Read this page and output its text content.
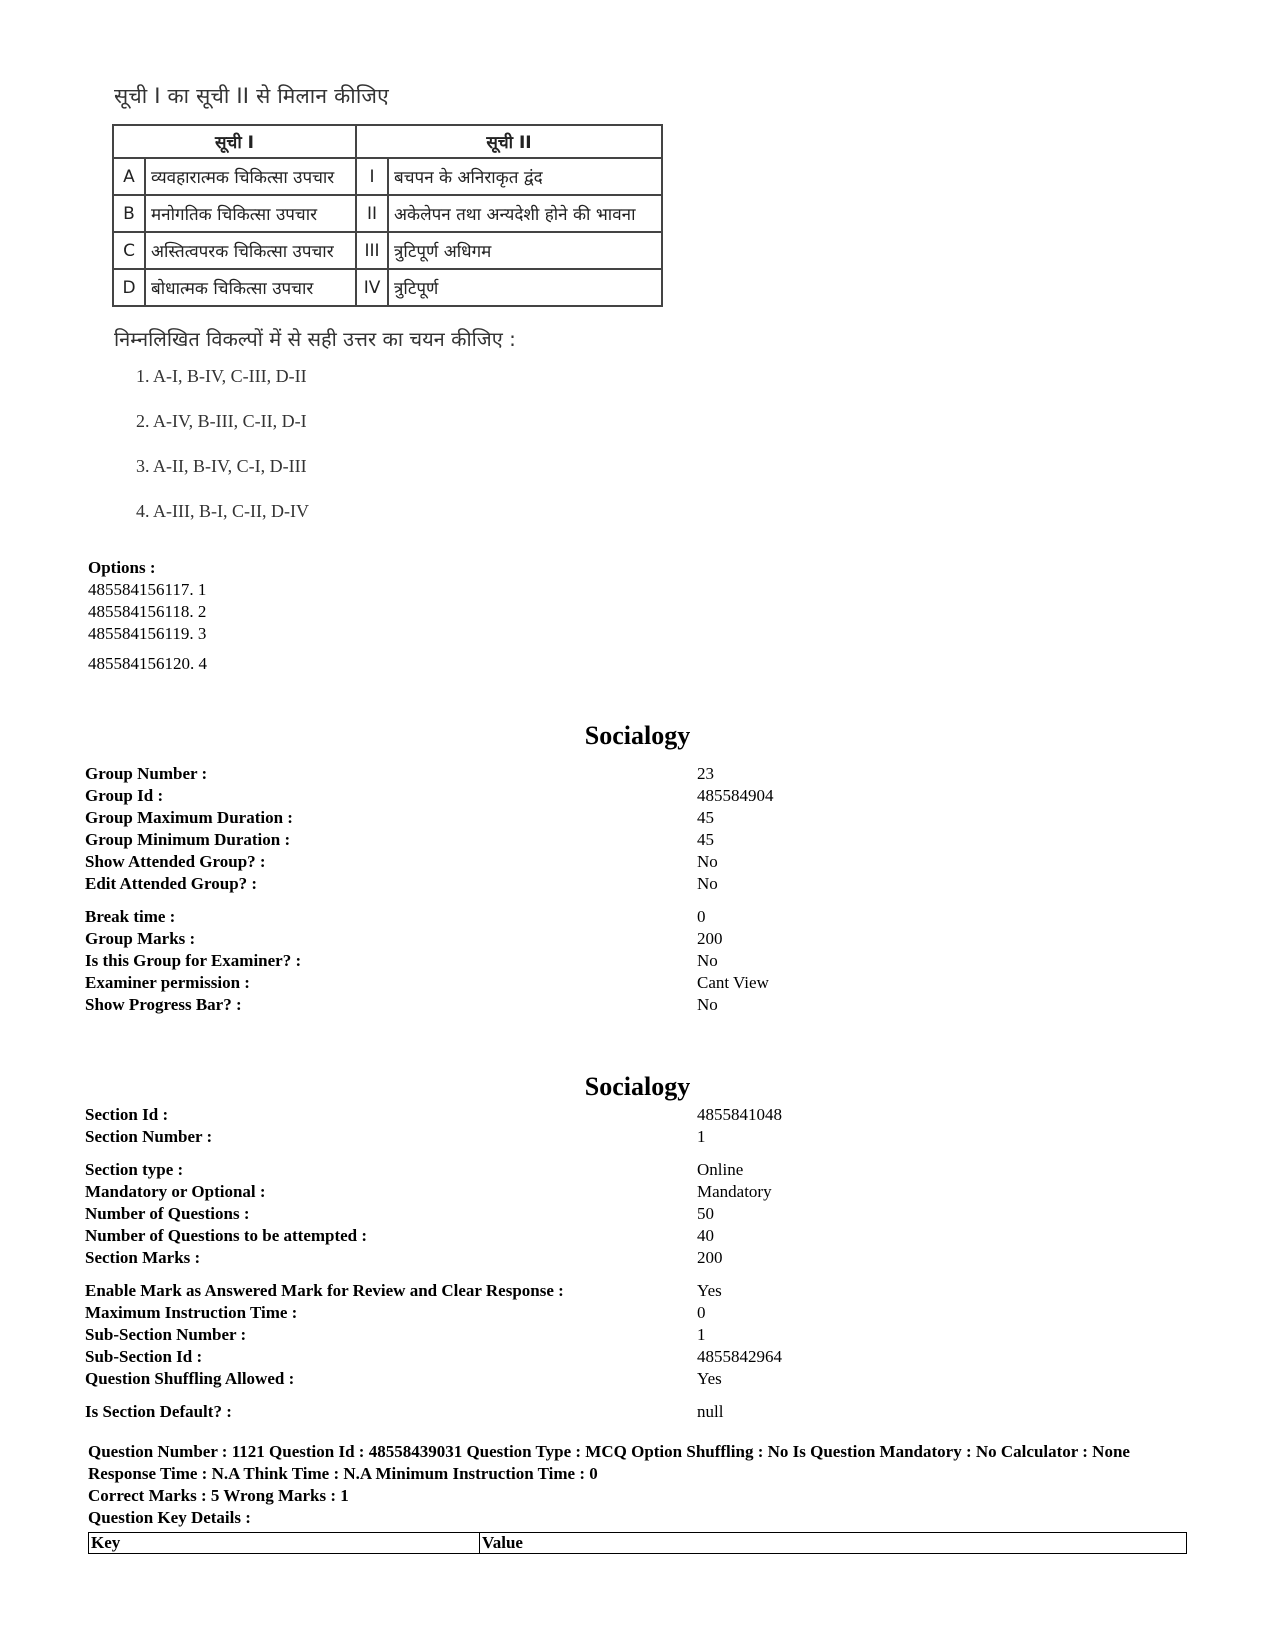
सूची I का सूची II से मिलान कीजिए
सूची I		सूची II	
A	व्यवहारात्मक चिकित्सा उपचार	I	बचपन के अनिराकृत द्वंद
B	मनोगतिक चिकित्सा उपचार	II	अकेलेपन तथा अन्यदेशी होने की भावना
C	अस्तित्वपरक चिकित्सा उपचार	III	त्रुटिपूर्ण अधिगम
D	बोधात्मक चिकित्सा उपचार	IV	त्रुटिपूर्ण
निम्नलिखित विकल्पों में से सही उत्तर का चयन कीजिए :
1. A-I, B-IV, C-III, D-II
2. A-IV, B-III, C-II, D-I
3. A-II, B-IV, C-I, D-III
4. A-III, B-I, C-II, D-IV
Options :
485584156117. 1
485584156118. 2
485584156119. 3
485584156120. 4
Socialogy
Group Number :	23
Group Id :	485584904
Group Maximum Duration :	45
Group Minimum Duration :	45
Show Attended Group? :	No
Edit Attended Group? :	No
Break time :	0
Group Marks :	200
Is this Group for Examiner? :	No
Examiner permission :	Cant View
Show Progress Bar? :	No
Socialogy
Section Id :	4855841048
Section Number :	1
Section type :	Online
Mandatory or Optional :	Mandatory
Number of Questions :	50
Number of Questions to be attempted :	40
Section Marks :	200
Enable Mark as Answered Mark for Review and Clear Response :	Yes
Maximum Instruction Time :	0
Sub-Section Number :	1
Sub-Section Id :	4855842964
Question Shuffling Allowed :	Yes
Is Section Default? :	null
Question Number : 1121 Question Id : 48558439031 Question Type : MCQ Option Shuffling : No Is Question Mandatory : No Calculator : None
Response Time : N.A Think Time : N.A Minimum Instruction Time : 0
Correct Marks : 5 Wrong Marks : 1
Question Key Details :
Key	Value
